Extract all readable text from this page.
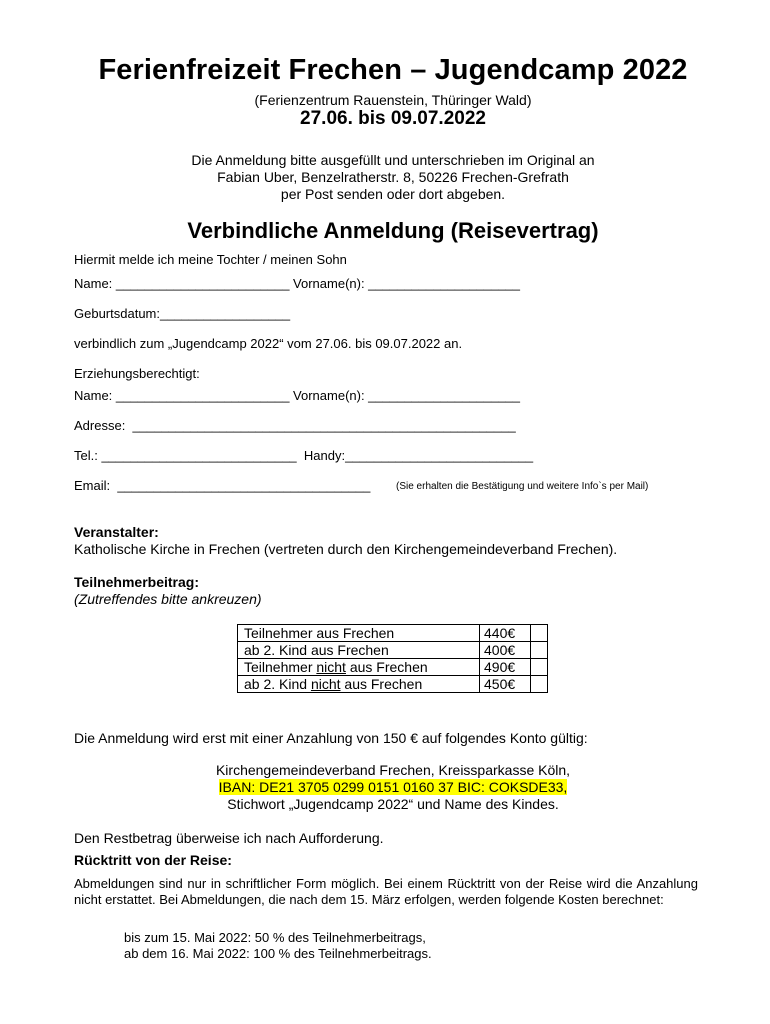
Ferienfreizeit Frechen – Jugendcamp 2022
(Ferienzentrum Rauenstein, Thüringer Wald)
27.06. bis 09.07.2022
Die Anmeldung bitte ausgefüllt und unterschrieben im Original an
Fabian Uber, Benzelratherstr. 8, 50226 Frechen-Grefrath
per Post senden oder dort abgeben.
Verbindliche Anmeldung (Reisevertrag)
Hiermit melde ich meine Tochter / meinen Sohn
Name: ________________________ Vorname(n): _____________________
Geburtsdatum:__________________
verbindlich zum „Jugendcamp 2022“ vom 27.06. bis 09.07.2022 an.
Erziehungsberechtigt:
Name: ________________________ Vorname(n): _____________________
Adresse:  _____________________________________________________
Tel.: ___________________________  Handy:__________________________
Email:  ___________________________________	(Sie erhalten die Bestätigung und weitere Info`s per Mail)
Veranstalter:
Katholische Kirche in Frechen (vertreten durch den Kirchengemeindeverband Frechen).
Teilnehmerbeitrag:
(Zutreffendes bitte ankreuzen)
Teilnehmer aus Frechen	440€	
ab 2. Kind aus Frechen	400€	
Teilnehmer nicht aus Frechen	490€	
ab 2. Kind nicht aus Frechen	450€	
Die Anmeldung wird erst mit einer Anzahlung von 150 € auf folgendes Konto gültig:
Kirchengemeindeverband Frechen, Kreissparkasse Köln,
IBAN: DE21 3705 0299 0151 0160 37 BIC: COKSDE33,
Stichwort „Jugendcamp 2022“ und Name des Kindes.
Den Restbetrag überweise ich nach Aufforderung.
Rücktritt von der Reise:
Abmeldungen sind nur in schriftlicher Form möglich. Bei einem Rücktritt von der Reise wird die Anzahlung nicht erstattet. Bei Abmeldungen, die nach dem 15. März erfolgen, werden folgende Kosten berechnet:
bis zum 15. Mai 2022: 50 % des Teilnehmerbeitrags,
ab dem 16. Mai 2022: 100 % des Teilnehmerbeitrags.
